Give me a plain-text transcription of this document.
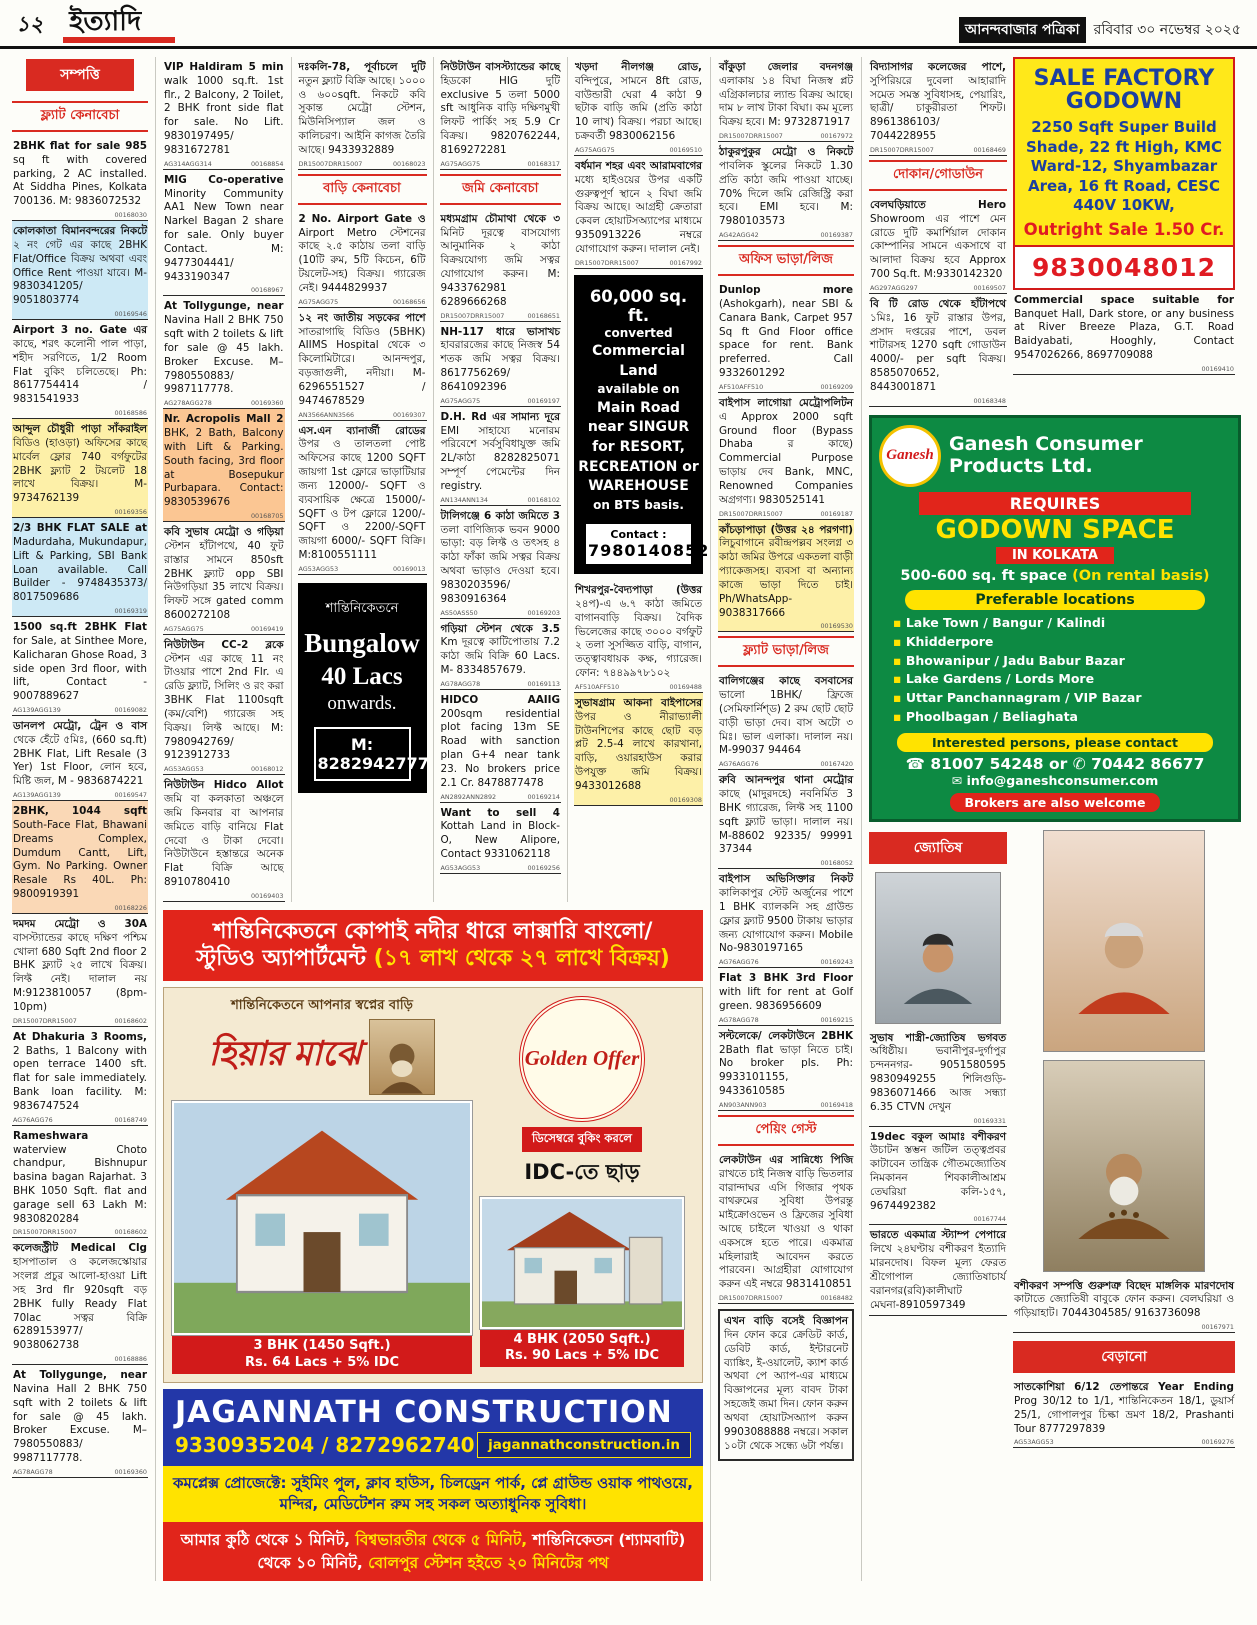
১২ ইত্যাদি	আনন্দবাজার পত্রিকা	রবিবার ৩০ নভেম্বর ২০২৫
সম্পত্তি
ফ্ল্যাট কেনাবেচা
2BHK flat for sale 985 sq ft with covered parking, 2 AC installed. At Siddha Pines, Kolkata 700136. M: 9836072532
00168030
কোলকাতা বিমানবন্দরের নিকটে ২ নং গেট এর কাছে 2BHK Flat/Office বিক্রয় অথবা এবং Office Rent পাওয়া যাবে। M-9830341205/ 9051803774
00169546
Airport 3 no. Gate এর কাছে, শরৎ কলোনী পাল পাড়া, শহীদ সরণিতে, 1/2 Room Flat বুকিং চলিতেছে। Ph: 8617754414 / 9831541933
00168586
আব্দুল চৌধুরী পাড়া সাঁকরাইল বিডিও (হাওড়া) অফিসের কাছে মার্বেল ফ্লোর 740 বর্গফুটের 2BHK ফ্ল্যাট 2 টয়লেট 18 লাখে বিক্রয়। M-9734762139
00169356
2/3 BHK FLAT SALE at Madurdaha, Mukundapur, Lift & Parking, SBI Bank Loan available. Call Builder - 9748435373/ 8017509686
00169319
1500 sq.ft 2BHK Flat for Sale, at Sinthee More, Kalicharan Ghose Road, 3 side open 3rd floor, with lift, Contact - 9007889627
AG139AGG139	00169082
ডানলপ মেট্রো, ট্রেন ও বাস থেকে হেঁটে ৫মিঃ, (660 sq.ft) 2BHK Flat, Lift Resale (3 Yer) 1st Floor, লোন হবে, মিষ্টি জল, M - 9836874221
AG139AGG139	00169547
2BHK, 1044 sqft South-Face Flat, Bhawani Dreams Complex, Dumdum Cantt, Lift, Gym. No Parking. Owner Resale Rs 40L. Ph: 9800919391
00168226
দমদম মেট্রো ও 30A বাসস্ট্যান্ডের কাছে দক্ষিণ পশ্চিম খোলা 680 Sqft 2nd floor 2 BHK ফ্ল্যাট ২৫ লাখে বিক্রয়। লিফ্ট নেই। দালাল নয় M:9123810057 (8pm-10pm)
DR15007DRR15007	00168602
At Dhakuria 3 Rooms, 2 Baths, 1 Balcony with open terrace 1400 sft. flat for sale immediately. Bank loan facility. M: 9836747524
AG76AGG76	00168749
Rameshwara waterview Choto chandpur, Bishnupur basina bagan Rajarhat. 3 BHK 1050 Sqft. flat and garage sell 63 Lakh M: 9830820284
DR15007DRR15007	00168602
কলেজস্ট্রীট Medical Clg হাসপাতাল ও কলেজস্কোয়ার সংলগ্ন প্রচুর আলো-হাওয়া Lift সহ 3rd flr 920sqft বড় 2BHK fully Ready Flat 70lac সত্বর বিক্রি 6289153977/ 9038062738
00168886
At Tollygunge, near Navina Hall 2 BHK 750 sqft with 2 toilets & lift for sale @ 45 lakh. Broker Excuse. M– 7980550883/ 9987117778.
AG78AGG78	00169360
VIP Haldiram 5 min walk 1000 sq.ft. 1st flr., 2 Balcony, 2 Toilet, 2 BHK front side flat for sale. No Lift. 9830197495/ 9831672781
AG314AGG314	00168854
MIG Co-operative Minority Community AA1 New Town near Narkel Bagan 2 share for sale. Only buyer Contact. M: 9477304441/ 9433190347
00168967
At Tollygunge, near Navina Hall 2 BHK 750 sqft with 2 toilets & lift for sale @ 45 lakh. Broker Excuse. M– 7980550883/ 9987117778.
AG278AGG278	00169360
Nr. Acropolis Mall 2 BHK, 2 Bath, Balcony with Lift & Parking. South facing, 3rd floor at Bosepukur Purbapara. Contact: 9830539676
00168705
কবি সুভাষ মেট্রো ও গড়িয়া স্টেশন হাঁটাপথে, 40 ফুট রাস্তার সামনে 850sft 2BHK ফ্ল্যাট opp SBI নিউগড়িয়া 35 লাখে বিক্রয়। লিফট সঙ্গে gated comm 8600272108
AG75AGG75	00169419
নিউটাউন CC-2 ব্লকে স্টেশন এর কাছে 11 নং টাওয়ার পাশে 2nd Flr. এ রেডি ফ্ল্যাট, সিলিং ও রং করা 3BHK Flat 1100sqft (কম/বেশি) গ্যারেজ সহ বিক্রয়। লিফ্ট আছে। M: 7980942769/ 9123912733
AG53AGG53	00168012
নিউটাউন Hidco Allot জমি বা কলকাতা অঞ্চলে জমি কিনবার বা আপনার জমিতে বাড়ি বানিয়ে Flat দেবো ও টাকা দেবো। নিউটাউনে হস্তান্তরে অনেক Flat বিক্রি আছে 8910780410
00169403
দঃকলি-78, পূর্বাচলে দুটি নতুন ফ্ল্যাট বিক্রি আছে। ১০০০ ও ৬০০sqft. নিকটে কবি সুকান্ত মেট্রো স্টেশন, মিউনিসিপ্যাল জল ও কালিচরণ। আইনি কাগজ তৈরি আছে। 9433932889
DR15007DRR15007	00168023
বাড়ি কেনাবেচা
2 No. Airport Gate ও Airport Metro স্টেশনের কাছে ২.৫ কাঠায় তলা বাড়ি (10টি রুম, 5টি কিচেন, 6টি টয়লেট-সহ) বিক্রয়। গ্যারেজ নেই। 9444829937
AG75AGG75	00168656
১২ নং জাতীয় সড়কের পাশে সাতরাগাছি বিডিও (5BHK) AIIMS Hospital থেকে ৩ কিলোমিটারে। আনন্দপুর, বড়জাগুলী, নদীয়া। M-6296551527 / 9474678529
AN3566ANN3566	00169307
এস.এন ব্যানার্জী রোডের উপর ও তালতলা পোষ্ট অফিসের কাছে 1200 SQFT জায়গা 1st ফ্লোরে ভাড়াটিয়ার জন্য 12000/- SQFT ও ব্যবসায়িক ক্ষেত্রে 15000/- SQFT ও টপ ফ্লোরে 1200/- SQFT ও 2200/-SQFT জায়গা 6000/- SQFT বিক্রি। M:8100551111
AG53AGG53	00169013
শান্তিনিকেতনে
Bungalow
40 Lacs
onwards.
M:
8282942777
নিউটাউন বাসস্ট্যান্ডের কাছে হিডকো HIG দুটি exclusive 5 তলা 5000 sft আধুনিক বাড়ি দক্ষিণমুখী লিফট পার্কিং সহ 5.9 Cr বিক্রয়। 9820762244, 8169272281
AG75AGG75	00168317
জমি কেনাবেচা
মধ্যমগ্রাম চৌমাথা থেকে ৩ মিনিট দূরত্বে বাসযোগ্য আনুমানিক ২ কাঠা বিক্রয়যোগ্য জমি সত্বর যোগাযোগ করুন। M: 9433762981 6289666268
DR15007DRR15007	00168651
NH-117 ধারে ভাসাখচ হাবরারজের কাছে নিজস্ব 54 শতক জমি সত্বর বিক্রয়। 8617756269/ 8641092396
AG75AGG75	00169197
D.H. Rd এর সামান্য দূরে EMI সাহায্যে মনোরম পরিবেশে সর্বসুবিধাযুক্ত জমি 2L/কাঠা 8282825071 সম্পূর্ণ পেমেন্টের দিন registry.
AN134ANN134	00168102
টালিগঞ্জে 6 কাঠা জমিতে 3 তলা বাণিজ্যিক ভবন 9000 ভাড়া: বড় লিফ্ট ও তৎসহ ৪ কাঠা ফাঁকা জমি সত্বর বিক্রয় অথবা ভাড়াও দেওয়া হবে। 9830203596/ 9830916364
AS50ASS50	00169203
গড়িয়া স্টেশন থেকে 3.5 Km দূরত্বে কাটিপোতায় 7.2 কাঠা জমি বিক্রি 60 Lacs. M- 8334857679.
AG78AGG78	00169113
HIDCO AAIIG 200sqm residential plot facing 13m SE Road with sanction plan G+4 near tank 23. No brokers price 2.1 Cr. 8478877478
AN2892ANN2892	00169214
Want to sell 4 Kottah Land in Block-O, New Alipore, Contact 9331062118
AG53AGG53	00169256
খড়দা নীলগঞ্জ রোড, বন্দিপুরে, সামনে 8ft রোড, বাউন্ডারী ঘেরা 4 কাঠা 9 ছটাক বাড়ি জমি (প্রতি কাঠা 10 লাখ) বিক্রয়। পরচা আছে। চক্রবর্তী 9830062156
AG75AGG75	00169510
বর্ধমান শহর এবং আরামবাগের মধ্যে হাইওয়ের উপর একটি গুরুত্বপূর্ণ স্থানে ২ বিঘা জমি বিক্রয় আছে। আগ্রহী ক্রেতারা কেবল হোয়াটসঅ্যাপের মাধ্যমে 9350913226 নম্বরে যোগাযোগ করুন। দালাল নেই।
DR15007DRR15007	00167992
60,000 sq. ft.
converted
Commercial Land
available on
Main Road
near SINGUR
for RESORT,
RECREATION or
WAREHOUSE
on BTS basis.
Contact :
7980140852
শিখরপুর-বৈদ্যপাড়া (উত্তর ২৪প)-এ ৬.৭ কাঠা জমিতে বাগানবাড়ি বিক্রয়। বৈদিক ভিলেজের কাছে ৩০০০ বর্গফুট ২ তলা সুসজ্জিত বাড়ি, বাগান, তত্ত্বাবধায়ক কক্ষ, গ্যারেজ। ফোন: ৭৪৪৯৯৭৮১০২
AF510AFF510	00169488
সুভাষগ্রাম আকনা বাইপাসের উপর ও নীরাভ্যালী টাউনশিপের কাছে ছোট বড় প্লট 2.5-4 লাখে কারখানা, বাড়ি, ওয়ারহাউস করার উপযুক্ত জমি বিক্রয়। 9433012688
00169308
শান্তিনিকেতনে কোপাই নদীর ধারে লাক্সারি বাংলো/
স্টুডিও অ্যাপার্টমেন্ট (১৭ লাখ থেকে ২৭ লাখে বিক্রয়)
শান্তিনিকেতনে আপনার স্বপ্নের বাড়ি
হিয়ার মাঝে
3 BHK (1450 Sqft.)
Rs. 64 Lacs + 5% IDC
Golden Offer
ডিসেম্বরে বুকিং করলে
IDC-তে ছাড়
4 BHK (2050 Sqft.)
Rs. 90 Lacs + 5% IDC
JAGANNATH CONSTRUCTION
9330935204 / 8272962740	jagannathconstruction.in
কমপ্লেক্স প্রোজেক্টে: সুইমিং পুল, ক্লাব হাউস, চিলড্রেন পার্ক, প্লে গ্রাউন্ড ওয়াক পাথওয়ে, মন্দির, মেডিটেশন রুম সহ সকল অত্যাধুনিক সুবিধা।
আমার কুঠি থেকে ১ মিনিট, বিশ্বভারতীর থেকে ৫ মিনিট, শান্তিনিকেতন (শ্যামবাটি) থেকে ১০ মিনিট, বোলপুর স্টেশন হইতে ২০ মিনিটের পথ
বাঁকুড়া জেলার বদনগঞ্জ এলাকায় ১৪ বিঘা নিজস্ব প্লট এগ্রিকালচার ল্যান্ড বিক্রয় আছে। দাম ৮ লাখ টাকা বিঘা। কম মূল্যে বিক্রয় হবে। M: 9732871917
DR15007DRR15007	00167972
ঠাকুরপুকুর মেট্রো ও নিকটে পাবলিক স্কুলের নিকটে 1.30 প্রতি কাঠা জমি পাওয়া যাচ্ছে। 70% দিলে জমি রেজিস্ট্রি করা হবে। EMI হবে। M: 7980103573
AG42AGG42	00169387
অফিস ভাড়া/লিজ
Dunlop more (Ashokgarh), near SBI & Canara Bank, Carpet 957 Sq ft Gnd Floor office space for rent. Bank preferred. Call 9332601292
AF510AFF510	00169209
বাইপাস লাগোয়া মেট্রোপলিটন এ Approx 2000 sqft Ground floor (Bypass Dhaba র কাছে) Commercial Purpose ভাড়ায় দেব Bank, MNC, Renowned Companies অগ্রগণ্য। 9830525141
DR15007DRR15007	00169187
কাঁচড়াপাড়া (উত্তর ২৪ পরগণা) লিচুবাগানে রবীন্দ্রপল্লব সংলগ্ন ৩ কাঠা জমির উপরে একতলা বাড়ী প্যাকেজসহ। ব্যবসা বা অন্যান্য কাজে ভাড়া দিতে চাই। Ph/WhatsApp- 9038317666
00169530
ফ্ল্যাট ভাড়া/লিজ
বালিগঞ্জের কাছে বসবাসের ভালো 1BHK/ ফ্রিজে (সেমিফার্নিশ্ড) 2 রুম ছোট ছোট বাড়ী ভাড়া দেব। বাস অটো ৩ মিঃ। ভাল এলাকা। দালাল নয়। M-99037 94464
AG76AGG76	00167420
রুবি আনন্দপুর থানা মেট্রোর কাছে (মাদুরদহে) নবনির্মিত 3 BHK গ্যারেজ, লিফ্ট সহ 1100 sqft ফ্ল্যাট ভাড়া। দালাল নয়। M-88602 92335/ 99991 37344
00168052
বাইপাস অভিসিক্তার নিকট কালিকাপুর স্টেট অর্জুনের পাশে 1 BHK ব্যালকনি সহ গ্রাউন্ড ফ্লোর ফ্ল্যাট 9500 টাকায় ভাড়ার জন্য যোগাযোগ করুন। Mobile No-9830197165
AG76AGG76	00169243
Flat 3 BHK 3rd Floor with lift for rent at Golf green. 9836956609
AG78AGG78	00169215
সল্টলেকে/ লেকটাউনে 2BHK 2Bath flat ভাড়া নিতে চাই। No broker pls. Ph: 9933101155, 9433610585
AN903ANN903	00169418
পেয়িং গেস্ট
লেকটাউন এর সান্নিধ্যে পিজি রাখতে চাই নিজস্ব বাড়ি ভিতলার বারান্দাঘর এসি গিজার পৃথক বাথরুমের সুবিধা উপরন্তু মাইক্রোওভেন ও ফ্রিজের সুবিধা আছে চাইলে খাওয়া ও থাকা একসঙ্গে হতে পারে। একমাত্র মহিলারাই আবেদন করতে পারবেন। আগ্রহীরা যোগাযোগ করুন এই নম্বরে 9831410851
DR15007DRR15007	00168482
এখন বাড়ি বসেই বিজ্ঞাপন দিন ফোন করে ক্রেডিট কার্ড, ডেবিট কার্ড, ইন্টারনেট ব্যাঙ্কিং, ই-ওয়ালেট, ক্যাশ কার্ড অথবা পে অ্যাপ-এর মাধ্যমে বিজ্ঞাপনের মূল্য বাবদ টাকা সহজেই জমা দিন। ফোন করুন অথবা হোয়াটসঅ্যাপ করুন 9903088888 নম্বরে। সকাল ১০টা থেকে সন্ধ্যে ৬টা পর্যন্ত।
বিদ্যাসাগর কলেজের পাশে, সুপিরিয়রে দুবেলা আহারাদি সমেত সমস্ত সুবিধাসহ, পেয়ারিং, ছাত্রী/ চাকুরীরতা শিফট। 8961386103/ 7044228955
DR15007DRR15007	00168469
দোকান/গোডাউন
বেলঘড়িয়াতে Hero Showroom এর পাশে মেন রোডে দুটি কমার্শিয়াল দোকান কোম্পানির সামনে একসাথে বা আলাদা বিক্রয় হবে Approx 700 Sq.ft. M:9330142320
AG297AGG297	00169507
বি টি রোড থেকে হাঁটাপথে ১মিঃ, 16 ফুট রাস্তার উপর, প্রসাদ দপ্তরের পাশে, ডবল শাটারসহ 1270 sqft গোডাউন 4000/- per sqft বিক্রয়। 8585070652, 8443001871
00168348
SALE FACTORY
GODOWN
2250 Sqft Super Build Shade, 22 ft High, KMC Ward-12, Shyambazar Area, 16 ft Road, CESC 440V 10KW,
Outright Sale 1.50 Cr.
9830048012
Commercial space suitable for Banquet Hall, Dark store, or any business at River Breeze Plaza, G.T. Road Baidyabati, Hooghly, Contact 9547026266, 8697709088
00169410
Ganesh
Ganesh Consumer Products Ltd.
REQUIRES
GODOWN SPACE
IN KOLKATA
500-600 sq. ft space (On rental basis)
Preferable locations
▪ Lake Town / Bangur / Kalindi
▪ Khidderpore
▪ Bhowanipur / Jadu Babur Bazar
▪ Lake Gardens / Lords More
▪ Uttar Panchannagram / VIP Bazar
▪ Phoolbagan / Beliaghata
Interested persons, please contact
☎ 81007 54248 or ✆ 70442 86677
✉ info@ganeshconsumer.com
Brokers are also welcome
জ্যোতিষ
সুভাষ শাস্ত্রী-জ্যোতিষ ভগবত অধিষ্ঠীয়। ভবানীপুর-দুর্গাপুর চন্দননগর- 9051580595 9830949255 শিলিগুড়ি- 9836071466 আজ সন্ধ্যা 6.35 CTVN দেখুন
00169331
19dec বকুল আমাঃ বশীকরণ উচাটন স্তম্ভন জটিল তত্ত্বপ্রবর কাটাবেন তান্ত্রিক গৌতমজ্যোতিষ নিমকানন শিবকালীআশ্রম তেঘরিয়া কলি-১৫৭, 9674492382
00167744
ভারতে একমাত্র স্ট্যাম্প পেপারে লিখে ২৪ঘণ্টায় বশীকরণ ইত্যাদি মারনদোষ। বিফল মূল্য ফেরত শ্রীগোপাল জ্যোতিষাচার্য বরানগর(রবি)কালীঘাট মেঘনা-8910597349
বশীকরণ সম্পত্তি গুরুশত্রু বিছেদ মাঙ্গলিক মারণদোষ কাটাতে জ্যোতিষী বাবুকে ফোন করুন। বেলঘরিয়া ও গড়িয়াহাট। 7044304585/ 9163736098
00167971
বেড়ানো
সাতকোশিয়া 6/12 তেপান্তরে Year Ending Prog 30/12 to 1/1, শান্তিনিকেতন 18/1, ডুয়ার্স 25/1, গোপালপুর চিল্কা ভ্রমণ 18/2, Prashanti Tour 8777297839
AG53AGG53	00169276
